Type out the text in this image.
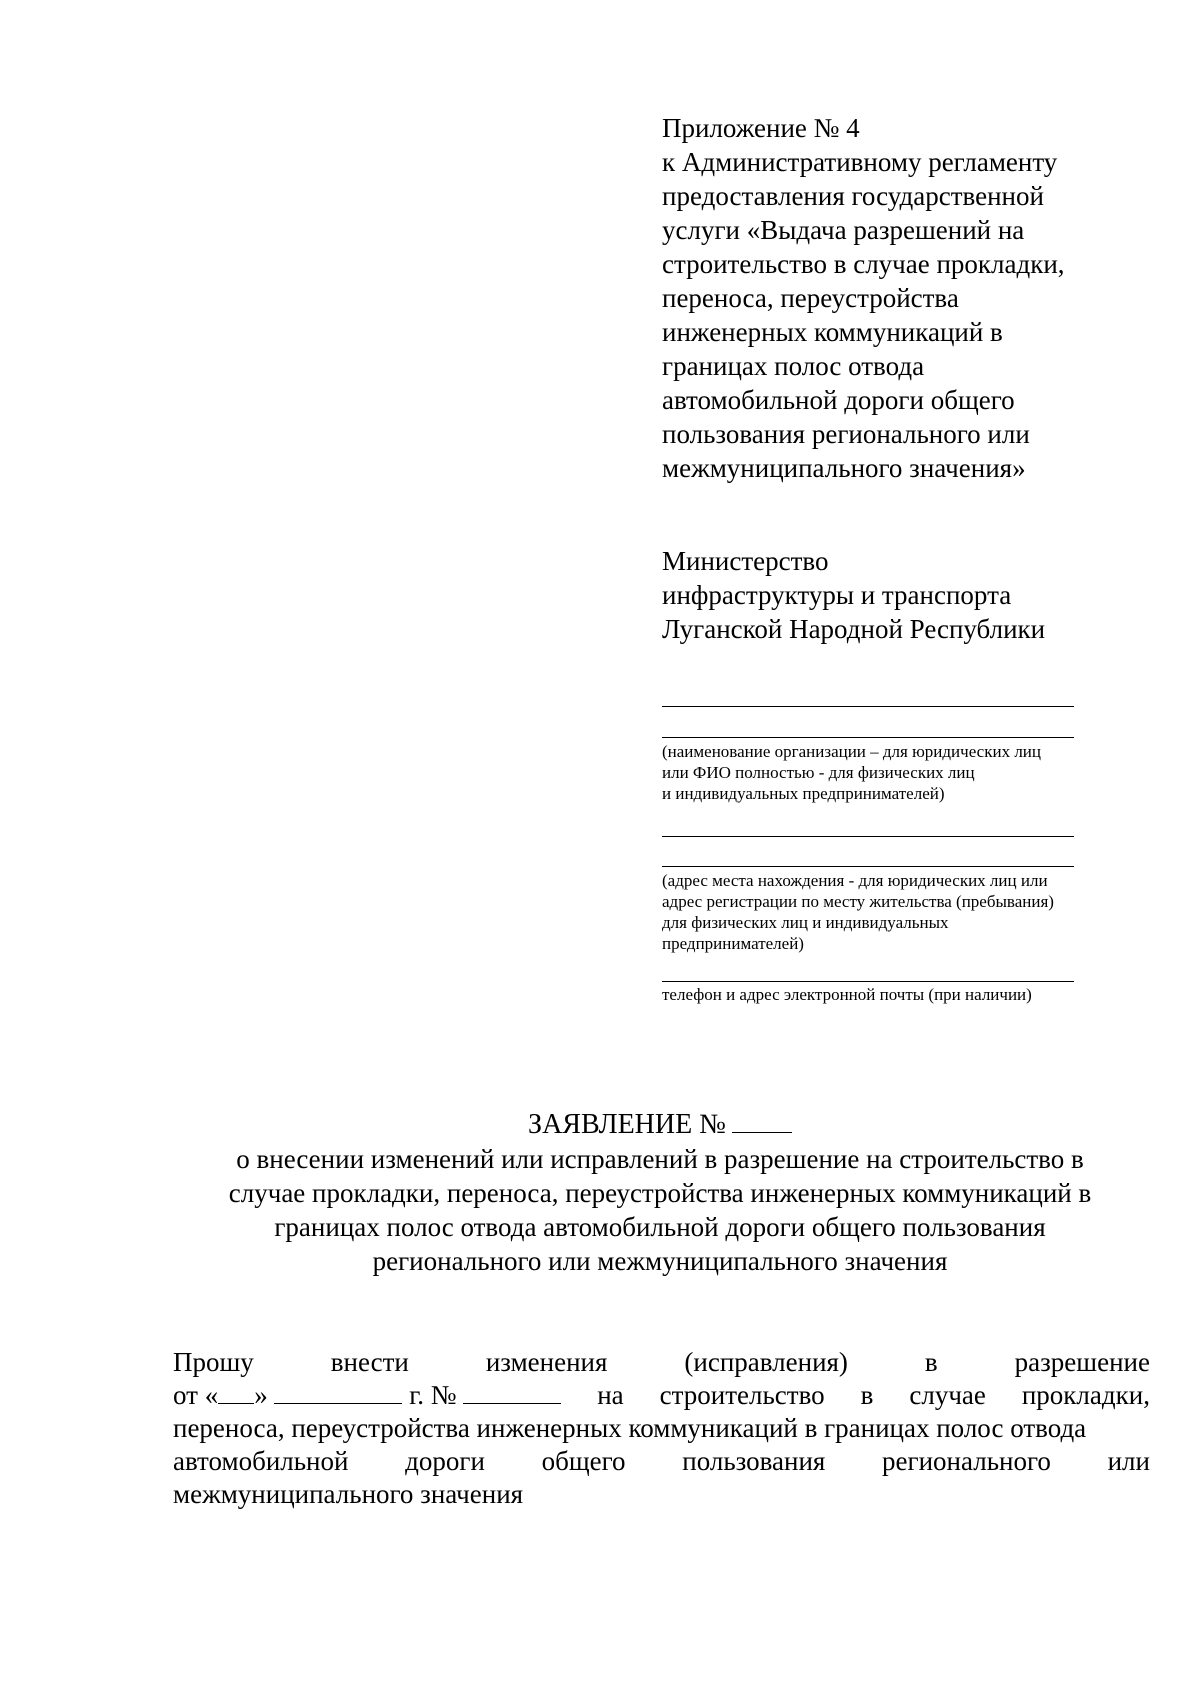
Приложение № 4
к Административному регламенту
предоставления государственной
услуги «Выдача разрешений на
строительство в случае прокладки,
переноса, переустройства
инженерных коммуникаций в
границах полос отвода
автомобильной дороги общего
пользования регионального или
межмуниципального значения»
Министерство
инфраструктуры и транспорта
Луганской Народной Республики
(наименование организации – для юридических лиц
или ФИО полностью - для физических лиц
и индивидуальных предпринимателей)
(адрес места нахождения - для юридических лиц или
адрес регистрации по месту жительства (пребывания)
для физических лиц и индивидуальных
предпринимателей)
телефон и адрес электронной почты (при наличии)
ЗАЯВЛЕНИЕ №
о внесении изменений или исправлений в разрешение на строительство в
случае прокладки, переноса, переустройства инженерных коммуникаций в
границах полос отвода автомобильной дороги общего пользования
регионального или межмуниципального значения
Прошу	внести	изменения	(исправления)	в	разрешение
от « »	г. №	на строительство в случае прокладки,
переноса, переустройства инженерных коммуникаций в границах полос отвода
автомобильной дороги общего пользования регионального или
межмуниципального значения
